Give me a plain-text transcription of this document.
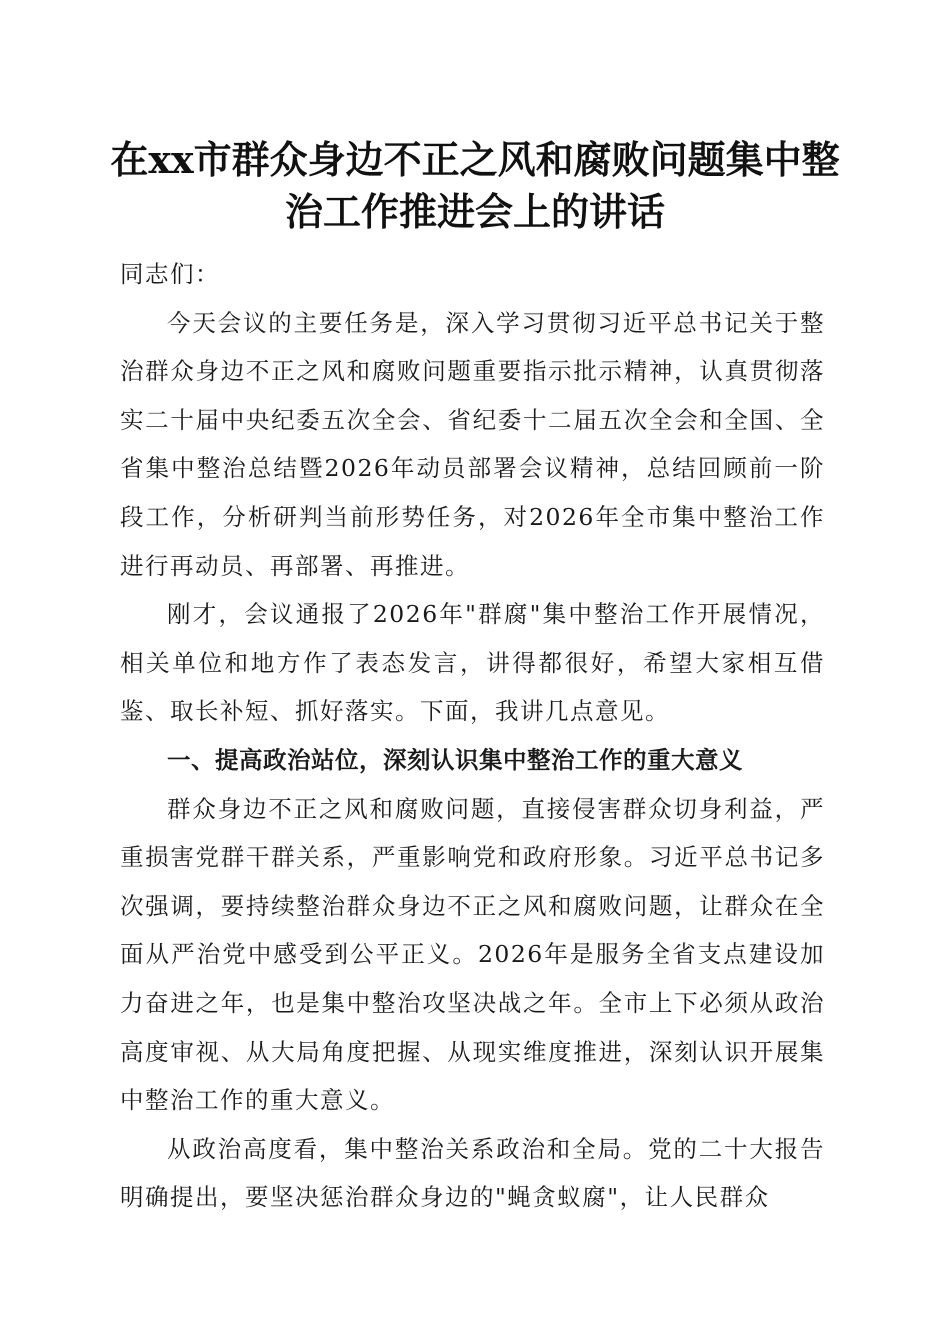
在xx市群众身边不正之风和腐败问题集中整治工作推进会上的讲话

同志们：

今天会议的主要任务是，深入学习贯彻习近平总书记关于整治群众身边不正之风和腐败问题重要指示批示精神，认真贯彻落实二十届中央纪委五次全会、省纪委十二届五次全会和全国、全省集中整治总结暨2026年动员部署会议精神，总结回顾前一阶段工作，分析研判当前形势任务，对2026年全市集中整治工作进行再动员、再部署、再推进。

刚才，会议通报了2026年"群腐"集中整治工作开展情况，相关单位和地方作了表态发言，讲得都很好，希望大家相互借鉴、取长补短、抓好落实。下面，我讲几点意见。

一、提高政治站位，深刻认识集中整治工作的重大意义

群众身边不正之风和腐败问题，直接侵害群众切身利益，严重损害党群干群关系，严重影响党和政府形象。习近平总书记多次强调，要持续整治群众身边不正之风和腐败问题，让群众在全面从严治党中感受到公平正义。2026年是服务全省支点建设加力奋进之年，也是集中整治攻坚决战之年。全市上下必须从政治高度审视、从大局角度把握、从现实维度推进，深刻认识开展集中整治工作的重大意义。

从政治高度看，集中整治关系政治和全局。党的二十大报告明确提出，要坚决惩治群众身边的"蝇贪蚁腐"，让人民群众
